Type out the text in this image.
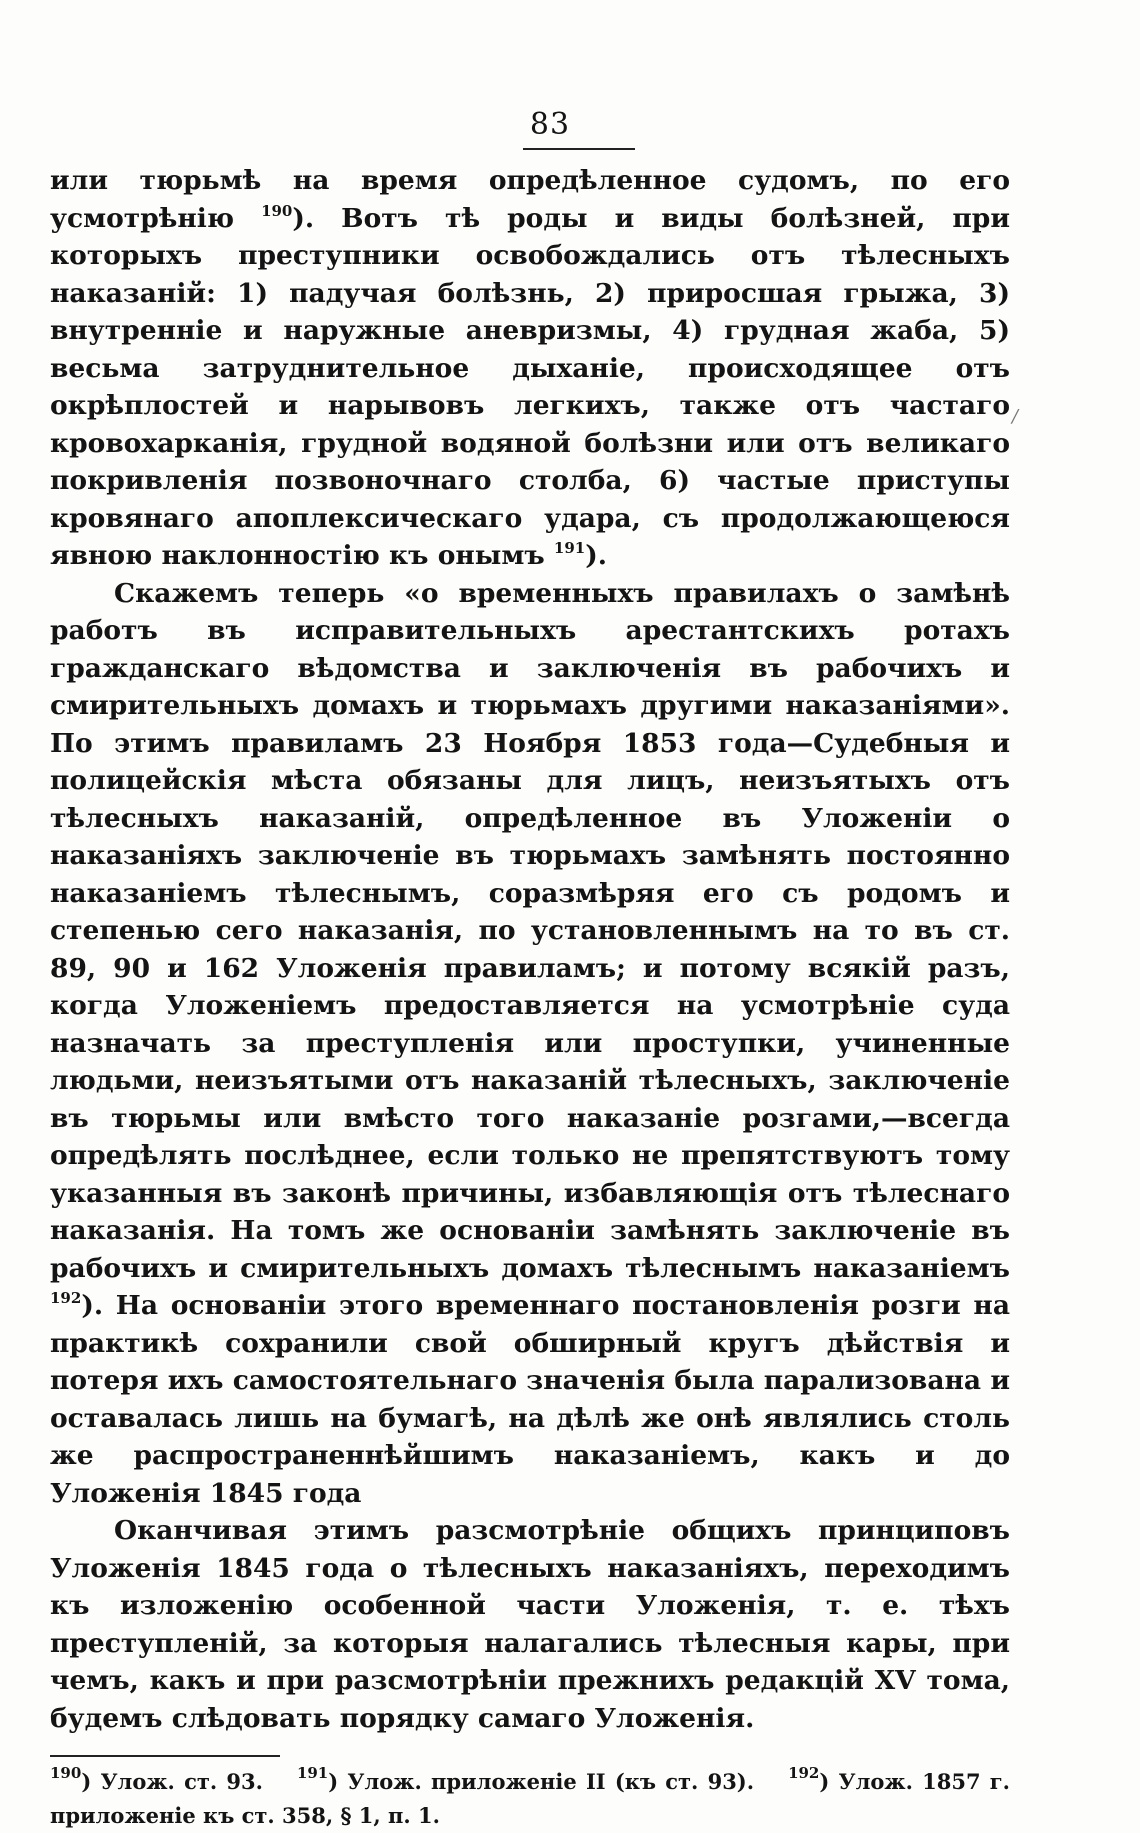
83

или тюрьмѣ на время опредѣленное судомъ, по его усмотрѣнію $^{190}$). Вотъ тѣ роды и виды болѣзней, при которыхъ преступники освобождались отъ тѣлесныхъ наказаній: 1) падучая болѣзнь, 2) приросшая грыжа, 3) внутренніе и наружные аневризмы, 4) грудная жаба, 5) весьма затруднительное дыханіе, происходящее отъ окрѣплостей и нарывовъ легкихъ, также отъ частаго кровохарканія, грудной водяной болѣзни или отъ великаго покривленія позвоночнаго столба, 6) частые приступы кровянаго апоплексическаго удара, съ продолжающеюся явною наклонностію къ онымъ $^{191}$).

Скажемъ теперь «о временныхъ правилахъ о замѣнѣ работъ въ исправительныхъ арестантскихъ ротахъ гражданскаго вѣдомства и заключенія въ рабочихъ и смирительныхъ домахъ и тюрьмахъ другими наказаніями». По этимъ правиламъ 23 Ноября 1853 года—Судебныя и полицейскія мѣста обязаны для лицъ, неизъятыхъ отъ тѣлесныхъ наказаній, опредѣленное въ Уложеніи о наказаніяхъ заключеніе въ тюрьмахъ замѣнять постоянно наказаніемъ тѣлеснымъ, соразмѣряя его съ родомъ и степенью сего наказанія, по установленнымъ на то въ ст. 89, 90 и 162 Уложенія правиламъ; и потому всякій разъ, когда Уложеніемъ предоставляется на усмотрѣніе суда назначать за преступленія или проступки, учиненные людьми, неизъятыми отъ наказаній тѣлесныхъ, заключеніе въ тюрьмы или вмѣсто того наказаніе розгами,—всегда опредѣлять послѣднее, если только не препятствуютъ тому указанныя въ законѣ причины, избавляющія отъ тѣлеснаго наказанія. На томъ же основаніи замѣнять заключеніе въ рабочихъ и смирительныхъ домахъ тѣлеснымъ наказаніемъ $^{192}$). На основаніи этого временнаго постановленія розги на практикѣ сохранили свой обширный кругъ дѣйствія и потеря ихъ самостоятельнаго значенія была парализована и оставалась лишь на бумагѣ, на дѣлѣ же онѣ являлись столь же распространеннѣйшимъ наказаніемъ, какъ и до Уложенія 1845 года

Оканчивая этимъ разсмотрѣніе общихъ принциповъ Уложенія 1845 года о тѣлесныхъ наказаніяхъ, переходимъ къ изложенію особенной части Уложенія, т. е. тѣхъ преступленій, за которыя налагались тѣлесныя кары, при чемъ, какъ и при разсмотрѣніи прежнихъ редакцій XV тома, будемъ слѣдовать порядку самаго Уложенія.

$^{190}$) Улож. ст. 93. $^{191}$) Улож. приложеніе II (къ ст. 93). $^{192}$) Улож. 1857 г. приложеніе къ ст. 358, § 1, п. 1.
/
